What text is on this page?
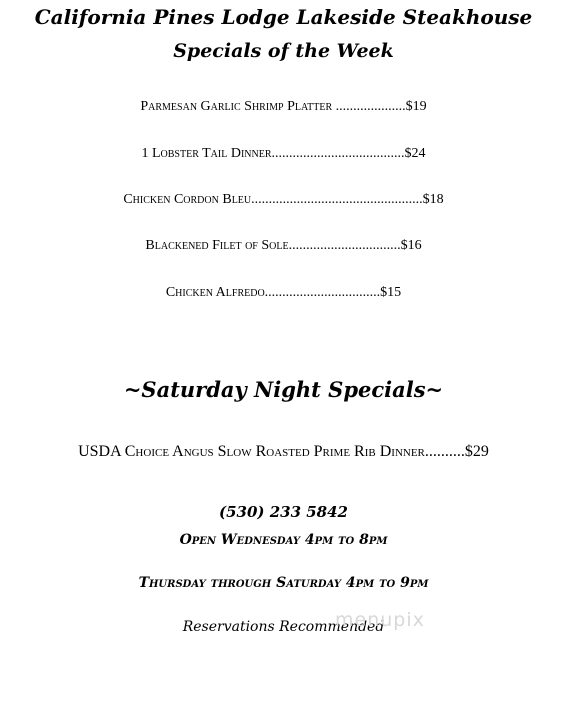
California Pines Lodge Lakeside Steakhouse
Specials of the Week
Parmesan Garlic Shrimp Platter ....................$19
1 Lobster Tail Dinner......................................$24
Chicken Cordon Bleu.................................................$18
Blackened Filet of Sole................................$16
Chicken Alfredo.................................$15
~Saturday Night Specials~
USDA Choice Angus Slow Roasted Prime Rib Dinner..........$29
(530) 233 5842
Open Wednesday 4pm to 8pm
Thursday through Saturday 4pm to 9pm
Reservations Recommended
menupix
